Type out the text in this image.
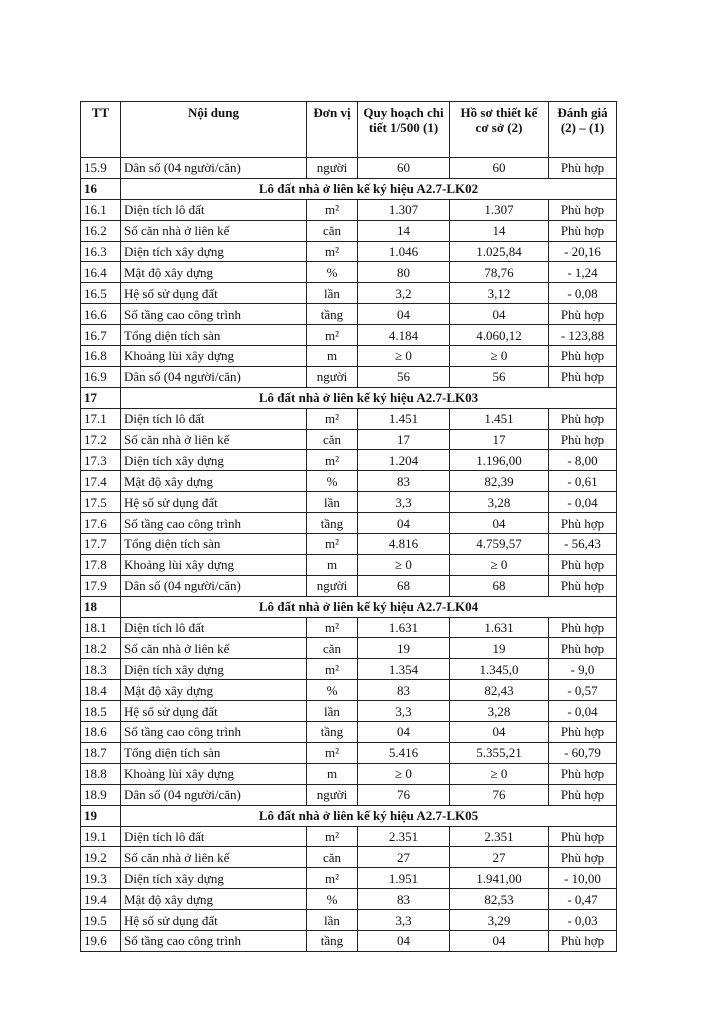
TT	Nội dung	Đơn vị	Quy hoạch chi tiết 1/500 (1)	Hồ sơ thiết kế cơ sở (2)	Đánh giá (2) – (1)
15.9	Dân số (04 người/căn)	người	60	60	Phù hợp
16	Lô đất nhà ở liên kế ký hiệu A2.7-LK02				
16.1	Diện tích lô đất	m²	1.307	1.307	Phù hợp
16.2	Số căn nhà ở liên kế	căn	14	14	Phù hợp
16.3	Diện tích xây dựng	m²	1.046	1.025,84	- 20,16
16.4	Mật độ xây dựng	%	80	78,76	- 1,24
16.5	Hệ số sử dụng đất	lần	3,2	3,12	- 0,08
16.6	Số tầng cao công trình	tầng	04	04	Phù hợp
16.7	Tổng diện tích sàn	m²	4.184	4.060,12	- 123,88
16.8	Khoảng lùi xây dựng	m	≥ 0	≥ 0	Phù hợp
16.9	Dân số (04 người/căn)	người	56	56	Phù hợp
17	Lô đất nhà ở liên kế ký hiệu A2.7-LK03				
17.1	Diện tích lô đất	m²	1.451	1.451	Phù hợp
17.2	Số căn nhà ở liên kế	căn	17	17	Phù hợp
17.3	Diện tích xây dựng	m²	1.204	1.196,00	- 8,00
17.4	Mật độ xây dựng	%	83	82,39	- 0,61
17.5	Hệ số sử dụng đất	lần	3,3	3,28	- 0,04
17.6	Số tầng cao công trình	tầng	04	04	Phù hợp
17.7	Tổng diện tích sàn	m²	4.816	4.759,57	- 56,43
17.8	Khoảng lùi xây dựng	m	≥ 0	≥ 0	Phù hợp
17.9	Dân số (04 người/căn)	người	68	68	Phù hợp
18	Lô đất nhà ở liên kế ký hiệu A2.7-LK04				
18.1	Diện tích lô đất	m²	1.631	1.631	Phù hợp
18.2	Số căn nhà ở liên kế	căn	19	19	Phù hợp
18.3	Diện tích xây dựng	m²	1.354	1.345,0	- 9,0
18.4	Mật độ xây dựng	%	83	82,43	- 0,57
18.5	Hệ số sử dụng đất	lần	3,3	3,28	- 0,04
18.6	Số tầng cao công trình	tầng	04	04	Phù hợp
18.7	Tổng diện tích sàn	m²	5.416	5.355,21	- 60,79
18.8	Khoảng lùi xây dựng	m	≥ 0	≥ 0	Phù hợp
18.9	Dân số (04 người/căn)	người	76	76	Phù hợp
19	Lô đất nhà ở liên kế ký hiệu A2.7-LK05				
19.1	Diện tích lô đất	m²	2.351	2.351	Phù hợp
19.2	Số căn nhà ở liên kế	căn	27	27	Phù hợp
19.3	Diện tích xây dựng	m²	1.951	1.941,00	- 10,00
19.4	Mật độ xây dựng	%	83	82,53	- 0,47
19.5	Hệ số sử dụng đất	lần	3,3	3,29	- 0,03
19.6	Số tầng cao công trình	tầng	04	04	Phù hợp
